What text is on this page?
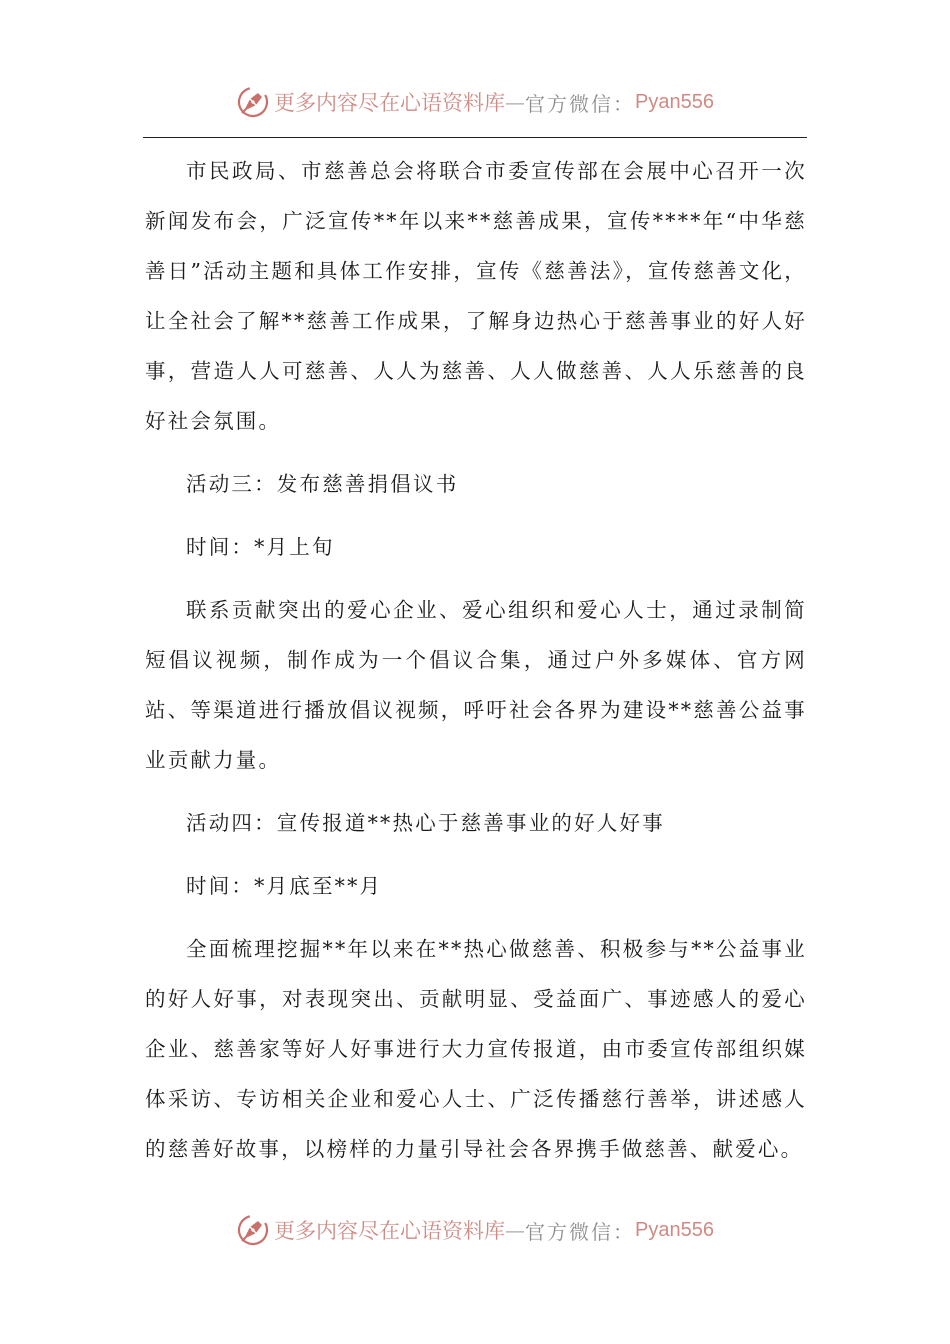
更多内容尽在心语资料库 — 官方微信： Pyan556

市民政局、市慈善总会将联合市委宣传部在会展中心召开一次新闻发布会，广泛宣传**年以来**慈善成果，宣传****年“中华慈善日”活动主题和具体工作安排，宣传《慈善法》，宣传慈善文化，让全社会了解**慈善工作成果，了解身边热心于慈善事业的好人好事，营造人人可慈善、人人为慈善、人人做慈善、人人乐慈善的良好社会氛围。

活动三：发布慈善捐倡议书

时间：*月上旬

联系贡献突出的爱心企业、爱心组织和爱心人士，通过录制简短倡议视频，制作成为一个倡议合集，通过户外多媒体、官方网站、等渠道进行播放倡议视频，呼吁社会各界为建设**慈善公益事业贡献力量。

活动四：宣传报道**热心于慈善事业的好人好事

时间：*月底至**月

全面梳理挖掘**年以来在**热心做慈善、积极参与**公益事业的好人好事，对表现突出、贡献明显、受益面广、事迹感人的爱心企业、慈善家等好人好事进行大力宣传报道，由市委宣传部组织媒体采访、专访相关企业和爱心人士、广泛传播慈行善举，讲述感人的慈善好故事，以榜样的力量引导社会各界携手做慈善、献爱心。

更多内容尽在心语资料库 — 官方微信： Pyan556
